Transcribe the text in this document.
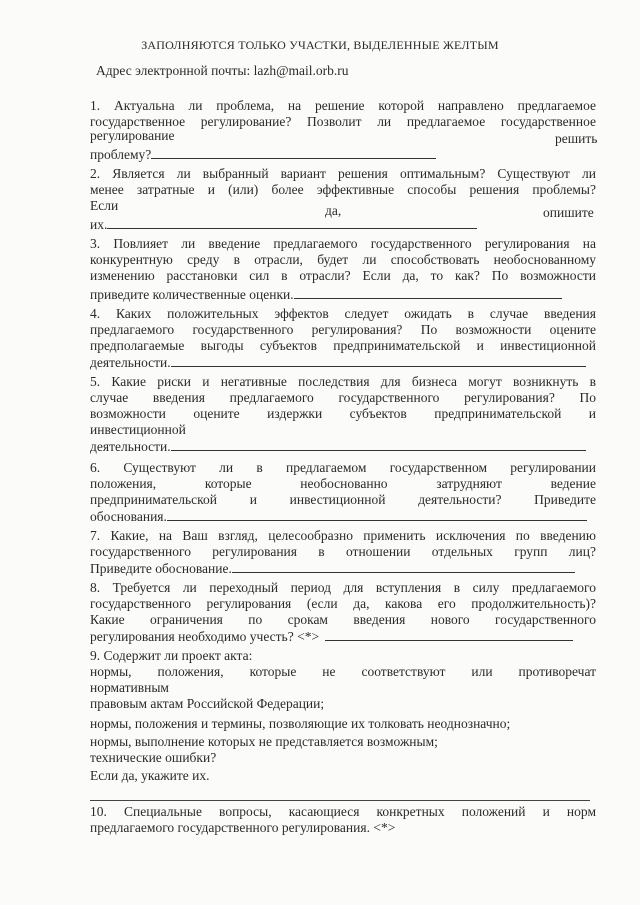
ЗАПОЛНЯЮТСЯ ТОЛЬКО УЧАСТКИ, ВЫДЕЛЕННЫЕ ЖЕЛТЫМ
Адрес электронной почты: lazh@mail.orb.ru
1. Актуальна ли проблема, на решение которой направлено предлагаемое
государственное регулирование? Позволит ли предлагаемое государственное
регулирование	решить
проблему?
2. Является ли выбранный вариант решения оптимальным? Существуют ли
менее затратные и (или) более эффективные способы решения проблемы?
Если	да,	опишите
их.
3. Повлияет ли введение предлагаемого государственного регулирования на
конкурентную среду в отрасли, будет ли способствовать необоснованному
изменению расстановки сил в отрасли? Если да, то как? По возможности
приведите количественные оценки.
4. Каких положительных эффектов следует ожидать в случае введения
предлагаемого государственного регулирования? По возможности оцените
предполагаемые выгоды субъектов предпринимательской и инвестиционной
деятельности.
5. Какие риски и негативные последствия для бизнеса могут возникнуть в
случае введения предлагаемого государственного регулирования? По
возможности оцените издержки субъектов предпринимательской и
инвестиционной
деятельности.
6. Существуют ли в предлагаемом государственном регулировании
положения, которые необоснованно затрудняют ведение
предпринимательской и инвестиционной деятельности? Приведите
обоснования.
7. Какие, на Ваш взгляд, целесообразно применить исключения по введению
государственного регулирования в отношении отдельных групп лиц?
Приведите обоснование.
8. Требуется ли переходный период для вступления в силу предлагаемого
государственного регулирования (если да, какова его продолжительность)?
Какие ограничения по срокам введения нового государственного
регулирования необходимо учесть? <*>
9. Содержит ли проект акта:
нормы, положения, которые не соответствуют или противоречат
нормативным
правовым актам Российской Федерации;
нормы, положения и термины, позволяющие их толковать неоднозначно;
нормы, выполнение которых не представляется возможным;
технические ошибки?
Если да, укажите их.
10. Специальные вопросы, касающиеся конкретных положений и норм
предлагаемого государственного регулирования. <*>
